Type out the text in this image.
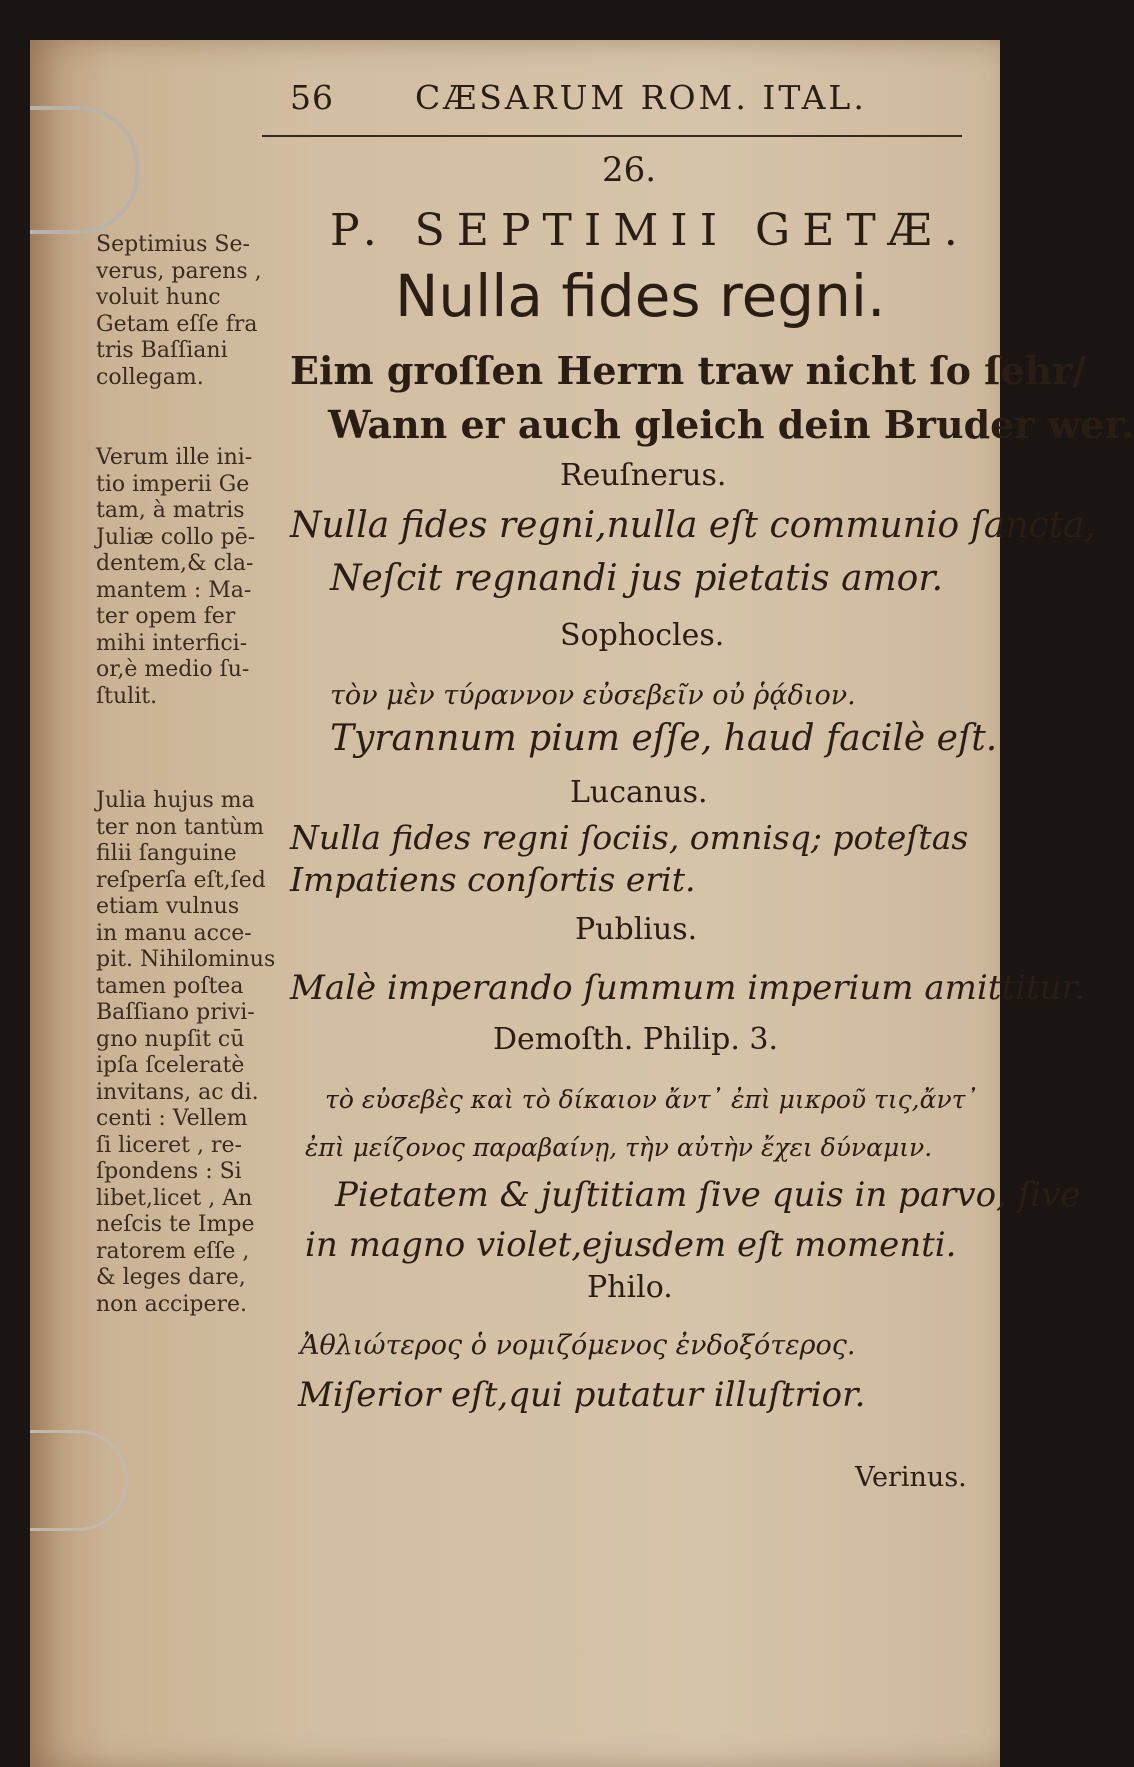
56 CÆSARUM ROM. ITAL.
26.
P. SEPTIMII GETÆ.
Nulla fides regni.
Eim groſſen Herrn traw nicht ſo ſehr/
Wann er auch gleich dein Bruder wer.
Reuſnerus.
Nulla fides regni,nulla eſt communio ſancta,
Neſcit regnandi jus pietatis amor.
Sophocles.
τὸν μὲν τύραννον εὐσεβεῖν οὐ ῥᾴδιον.
Tyrannum pium eſſe, haud facilè eſt.
Lucanus.
Nulla fides regni ſociis, omnisq; poteſtas
Impatiens conſortis erit.
Publius.
Malè imperando ſummum imperium amittitur.
Demoſth. Philip. 3.
τὸ εὐσεβὲς καὶ τὸ δίκαιον ἄντ᾽ ἐπὶ μικροῦ τις,ἄντ᾽
ἐπὶ μείζονος παραβαίνῃ, τὴν αὐτὴν ἔχει δύναμιν.
Pietatem & juſtitiam ſive quis in parvo, ſive
in magno violet,ejusdem eſt momenti.
Philo.
Ἀθλιώτερος ὁ νομιζόμενος ἐνδοξότερος.
Miſerior eſt,qui putatur illuſtrior.
Verinus.
Septimius Se-
verus, parens ,
voluit hunc
Getam eſſe fra
tris Baſſiani
collegam.
Verum ille ini-
tio imperii Ge
tam, à matris
Juliæ collo pē-
dentem,& cla-
mantem : Ma-
ter opem fer
mihi interfici-
or,è medio ſu-
ſtulit.
Julia hujus ma
ter non tantùm
filii ſanguine
reſperſa eſt,ſed
etiam vulnus
in manu acce-
pit. Nihilominus
tamen poſtea
Baſſiano privi-
gno nupſit cū
ipſa ſceleratè
invitans, ac di.
centi : Vellem
ſi liceret , re-
ſpondens : Si
libet,licet , An
neſcis te Impe
ratorem eſſe ,
& leges dare,
non accipere.
